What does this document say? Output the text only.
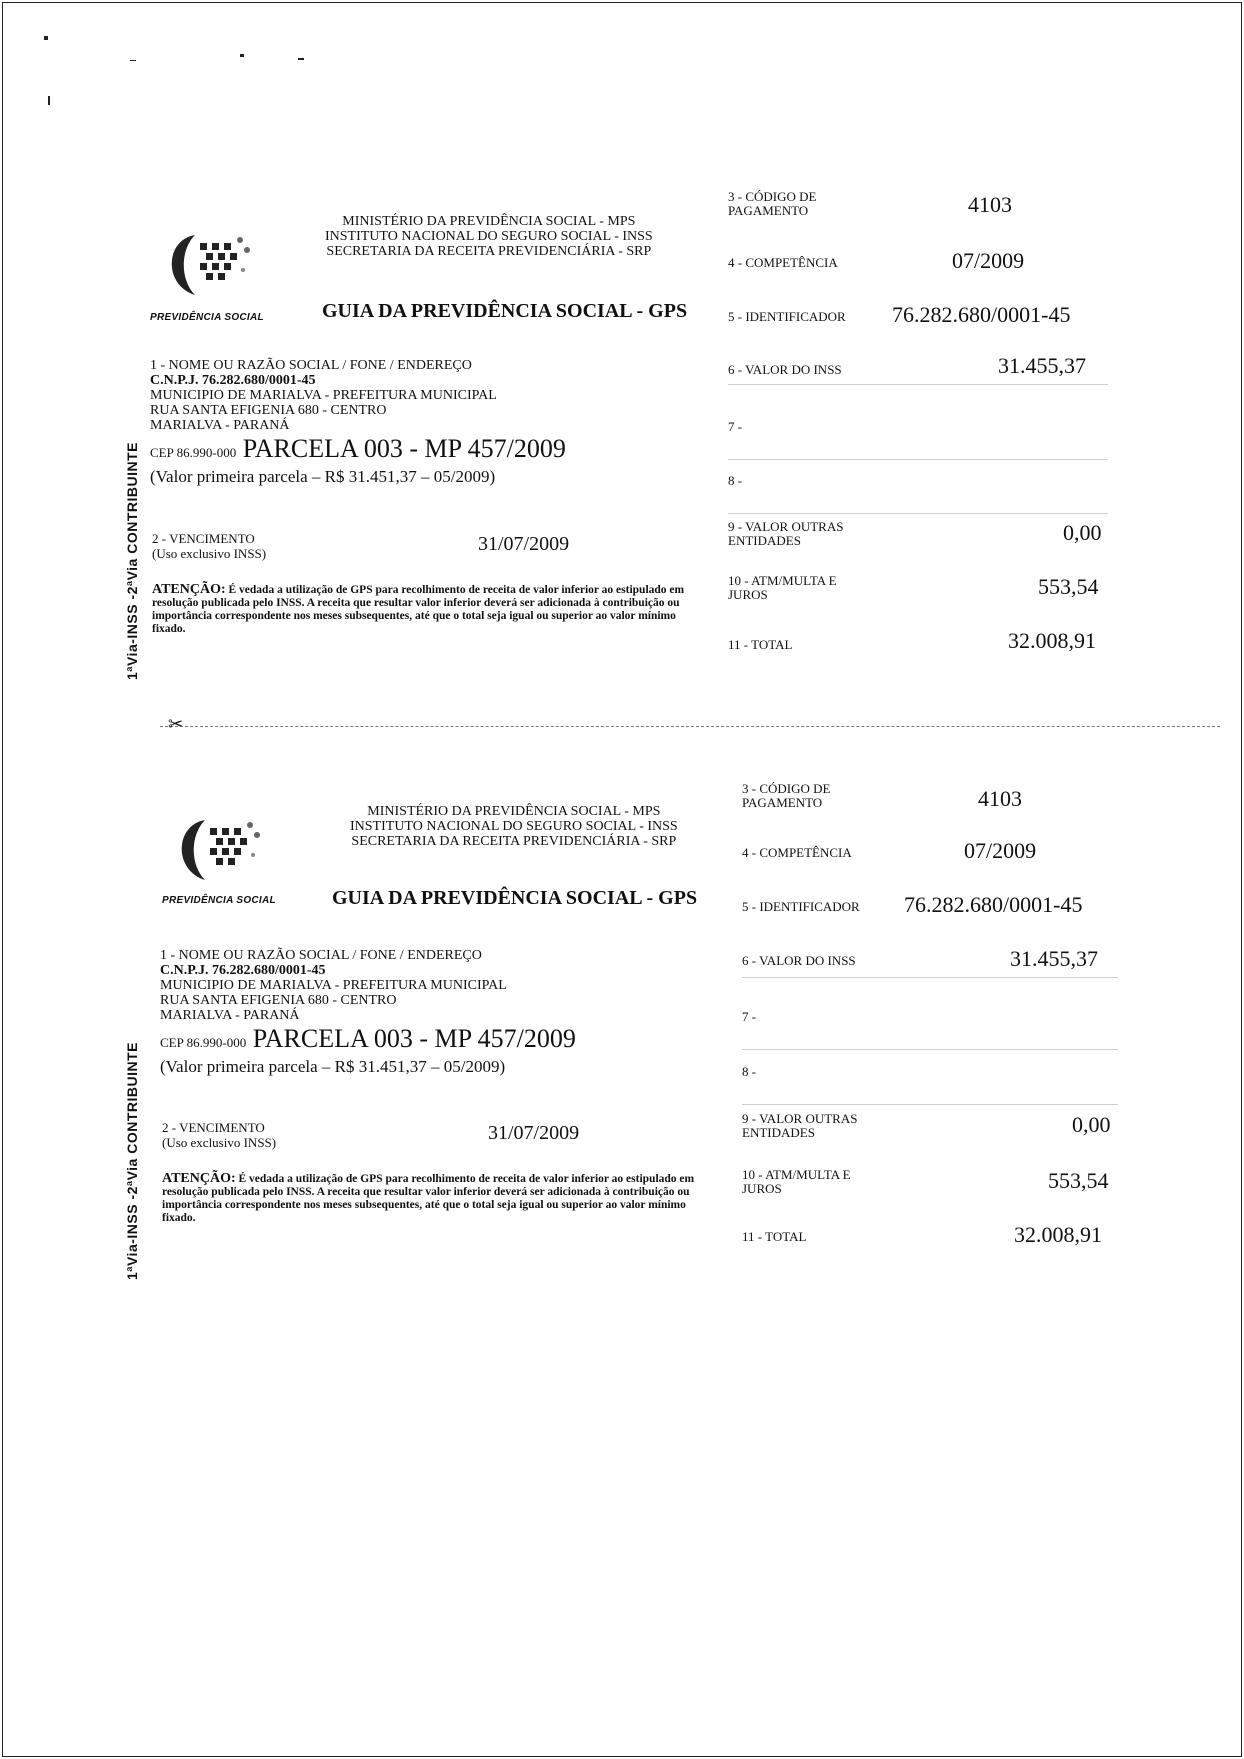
1ªVia-INSS -2ªVia CONTRIBUINTE
PREVIDÊNCIA SOCIAL
MINISTÉRIO DA PREVIDÊNCIA SOCIAL - MPS
INSTITUTO NACIONAL DO SEGURO SOCIAL - INSS
SECRETARIA DA RECEITA PREVIDENCIÁRIA - SRP
GUIA DA PREVIDÊNCIA SOCIAL - GPS
1 - NOME OU RAZÃO SOCIAL / FONE / ENDEREÇO
C.N.P.J. 76.282.680/0001-45
MUNICIPIO DE MARIALVA - PREFEITURA MUNICIPAL
RUA SANTA EFIGENIA 680 - CENTRO
MARIALVA - PARANÁ
CEP 86.990-000 PARCELA 003 - MP 457/2009
(Valor primeira parcela – R$ 31.451,37 – 05/2009)
2 - VENCIMENTO
(Uso exclusivo INSS)	31/07/2009
ATENÇÃO: É vedada a utilização de GPS para recolhimento de receita de valor inferior ao estipulado em resolução publicada pelo INSS. A receita que resultar valor inferior deverá ser adicionada à contribuição ou importância correspondente nos meses subsequentes, até que o total seja igual ou superior ao valor mínimo fixado.
3 - CÓDIGO DE
PAGAMENTO	4103
4 - COMPETÊNCIA	07/2009
5 - IDENTIFICADOR 76.282.680/0001-45
6 - VALOR DO INSS	31.455,37
7 -
8 -
9 - VALOR OUTRAS
ENTIDADES	0,00
10 - ATM/MULTA E
JUROS	553,54
11 - TOTAL	32.008,91
✂
1ªVia-INSS -2ªVia CONTRIBUINTE
PREVIDÊNCIA SOCIAL
MINISTÉRIO DA PREVIDÊNCIA SOCIAL - MPS
INSTITUTO NACIONAL DO SEGURO SOCIAL - INSS
SECRETARIA DA RECEITA PREVIDENCIÁRIA - SRP
GUIA DA PREVIDÊNCIA SOCIAL - GPS
1 - NOME OU RAZÃO SOCIAL / FONE / ENDEREÇO
C.N.P.J. 76.282.680/0001-45
MUNICIPIO DE MARIALVA - PREFEITURA MUNICIPAL
RUA SANTA EFIGENIA 680 - CENTRO
MARIALVA - PARANÁ
CEP 86.990-000 PARCELA 003 - MP 457/2009
(Valor primeira parcela – R$ 31.451,37 – 05/2009)
2 - VENCIMENTO
(Uso exclusivo INSS)	31/07/2009
ATENÇÃO: É vedada a utilização de GPS para recolhimento de receita de valor inferior ao estipulado em resolução publicada pelo INSS. A receita que resultar valor inferior deverá ser adicionada à contribuição ou importância correspondente nos meses subsequentes, até que o total seja igual ou superior ao valor mínimo fixado.
3 - CÓDIGO DE
PAGAMENTO	4103
4 - COMPETÊNCIA	07/2009
5 - IDENTIFICADOR 76.282.680/0001-45
6 - VALOR DO INSS	31.455,37
7 -
8 -
9 - VALOR OUTRAS
ENTIDADES	0,00
10 - ATM/MULTA E
JUROS	553,54
11 - TOTAL	32.008,91
